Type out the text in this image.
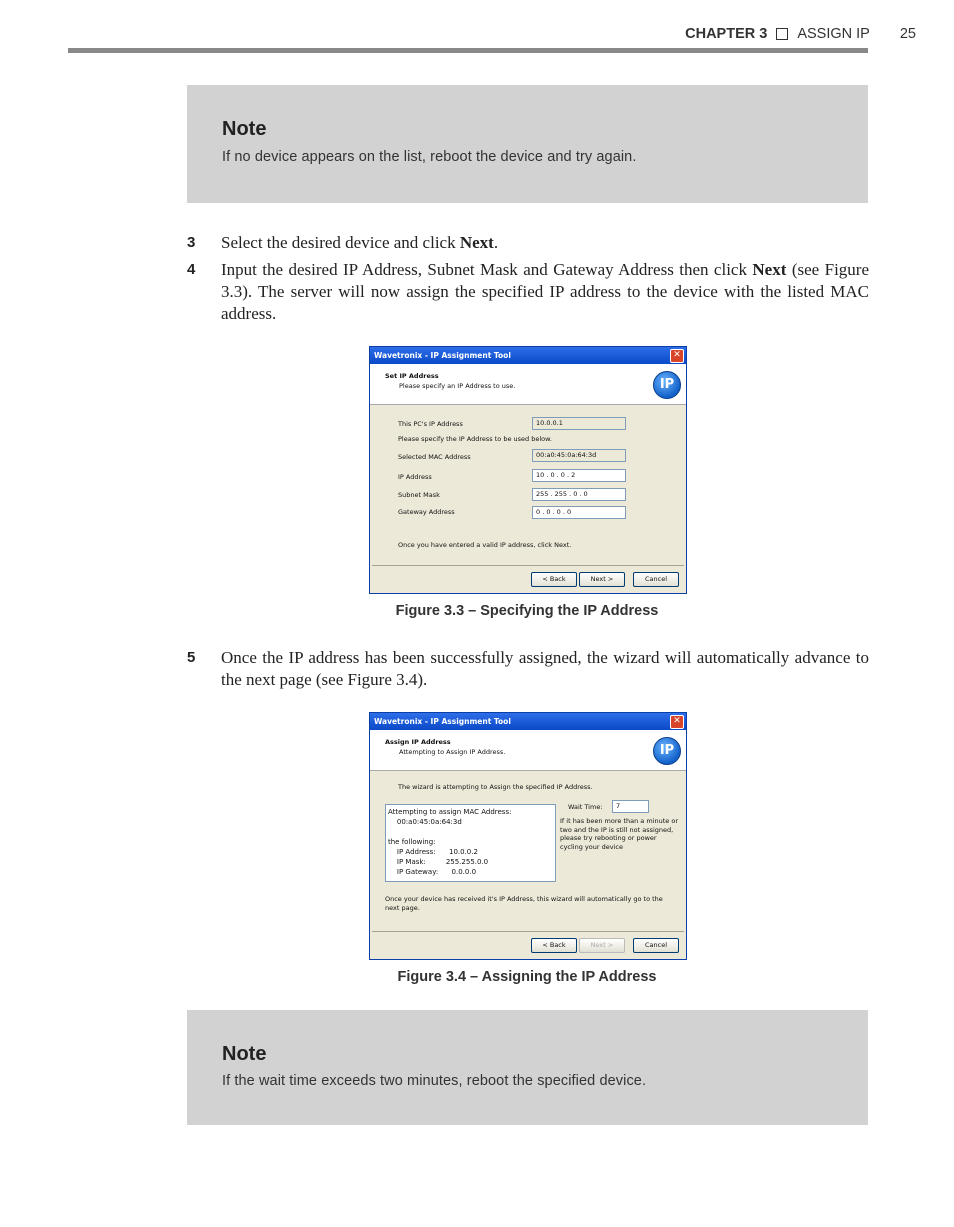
CHAPTER 3 ASSIGN IP 25
Note
If no device appears on the list, reboot the device and try again.
3 Select the desired device and click Next.
4 Input the desired IP Address, Subnet Mask and Gateway Address then click Next (see Figure 3.3). The server will now assign the specified IP address to the device with the listed MAC address.
Wavetronix - IP Assignment Tool	✕
Set IP Address
Please specify an IP Address to use.	IP
This PC's IP Address	10.0.0.1
Please specify the IP Address to be used below.
Selected MAC Address	00:a0:45:0a:64:3d
IP Address	10 . 0 . 0 . 2
Subnet Mask	255 . 255 . 0 . 0
Gateway Address	0 . 0 . 0 . 0
Once you have entered a valid IP address, click Next.
< Back	Next >	Cancel
Figure 3.3 – Specifying the IP Address
5 Once the IP address has been successfully assigned, the wizard will automatically advance to the next page (see Figure 3.4).
Wavetronix - IP Assignment Tool	✕
Assign IP Address
Attempting to Assign IP Address.	IP
The wizard is attempting to Assign the specified IP Address.
Attempting to assign MAC Address:
00:a0:45:0a:64:3d
the following:
IP Address:      10.0.0.2
IP Mask:         255.255.0.0
IP Gateway:      0.0.0.0
Wait Time:	7
If it has been more than a minute or two and the IP is still not assigned, please try rebooting or power cycling your device
Once your device has received it's IP Address, this wizard will automatically go to the next page.
< Back	Next >	Cancel
Figure 3.4 – Assigning the IP Address
Note
If the wait time exceeds two minutes, reboot the specified device.
